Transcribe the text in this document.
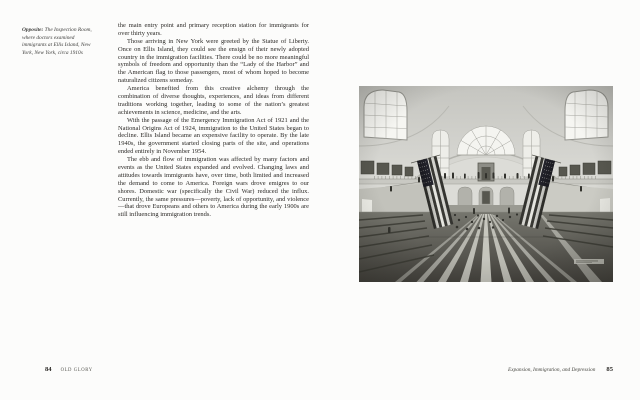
Opposite: The Inspection Room, where doctors examined immigrants at Ellis Island, New York, New York, circa 1910s

the main entry point and primary reception station for immigrants for over thirty years.

Those arriving in New York were greeted by the Statue of Liberty. Once on Ellis Island, they could see the ensign of their newly adopted country in the immigration facilities. There could be no more meaningful symbols of freedom and opportunity than the “Lady of the Harbor” and the American flag to those passengers, most of whom hoped to become naturalized citizens someday.

America benefited from this creative alchemy through the combination of diverse thoughts, experiences, and ideas from different traditions working together, leading to some of the nation’s greatest achievements in science, medicine, and the arts.

With the passage of the Emergency Immigration Act of 1921 and the National Origins Act of 1924, immigration to the United States began to decline. Ellis Island became an expensive facility to operate. By the late 1940s, the government started closing parts of the site, and operations ended entirely in November 1954.

The ebb and flow of immigration was affected by many factors and events as the United States expanded and evolved. Changing laws and attitudes towards immigrants have, over time, both limited and increased the demand to come to America. Foreign wars drove emigres to our shores. Domestic war (specifically the Civil War) reduced the influx. Currently, the same pressures—poverty, lack of opportunity, and violence—that drove Europeans and others to America during the early 1900s are still influencing immigration trends.

84 OLD GLORY	Expansion, Immigration, and Depression 85
